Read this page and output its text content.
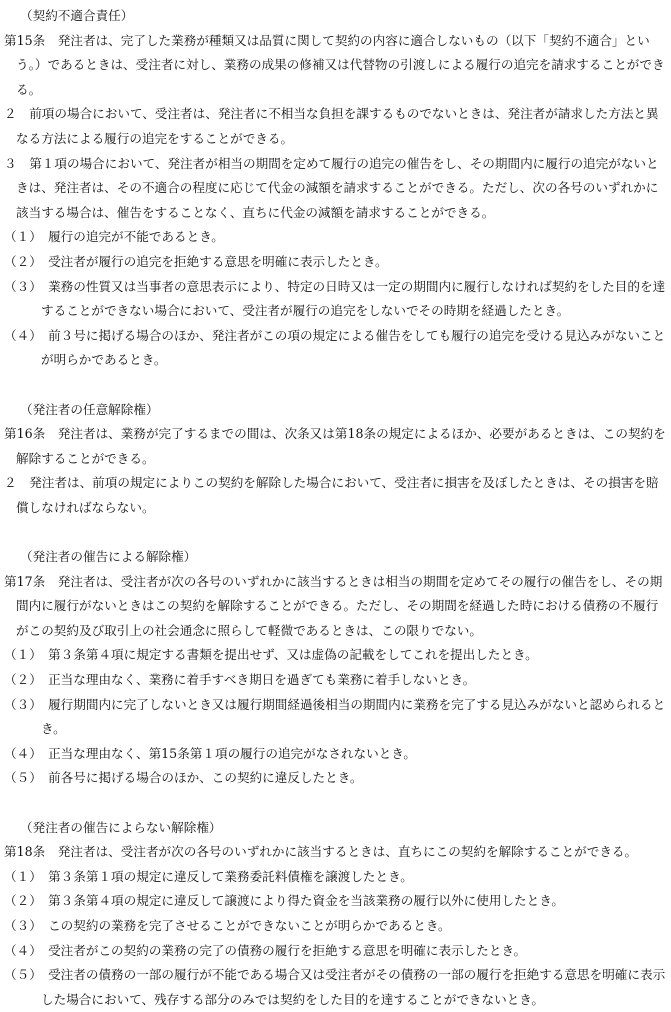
（契約不適合責任）
第15条　発注者は、完了した業務が種類又は品質に関して契約の内容に適合しないもの（以下「契約不適合」という。）であるときは、受注者に対し、業務の成果の修補又は代替物の引渡しによる履行の追完を請求することができる。
２　前項の場合において、受注者は、発注者に不相当な負担を課するものでないときは、発注者が請求した方法と異なる方法による履行の追完をすることができる。
３　第１項の場合において、発注者が相当の期間を定めて履行の追完の催告をし、その期間内に履行の追完がないときは、発注者は、その不適合の程度に応じて代金の減額を請求することができる。ただし、次の各号のいずれかに該当する場合は、催告をすることなく、直ちに代金の減額を請求することができる。
（１）　履行の追完が不能であるとき。
（２）　受注者が履行の追完を拒絶する意思を明確に表示したとき。
（３）　業務の性質又は当事者の意思表示により、特定の日時又は一定の期間内に履行しなければ契約をした目的を達することができない場合において、受注者が履行の追完をしないでその時期を経過したとき。
（４）　前３号に掲げる場合のほか、発注者がこの項の規定による催告をしても履行の追完を受ける見込みがないことが明らかであるとき。
（発注者の任意解除権）
第16条　発注者は、業務が完了するまでの間は、次条又は第18条の規定によるほか、必要があるときは、この契約を解除することができる。
２　発注者は、前項の規定によりこの契約を解除した場合において、受注者に損害を及ぼしたときは、その損害を賠償しなければならない。
（発注者の催告による解除権）
第17条　発注者は、受注者が次の各号のいずれかに該当するときは相当の期間を定めてその履行の催告をし、その期間内に履行がないときはこの契約を解除することができる。ただし、その期間を経過した時における債務の不履行がこの契約及び取引上の社会通念に照らして軽微であるときは、この限りでない。
（１）　第３条第４項に規定する書類を提出せず、又は虚偽の記載をしてこれを提出したとき。
（２）　正当な理由なく、業務に着手すべき期日を過ぎても業務に着手しないとき。
（３）　履行期間内に完了しないとき又は履行期間経過後相当の期間内に業務を完了する見込みがないと認められるとき。
（４）　正当な理由なく、第15条第１項の履行の追完がなされないとき。
（５）　前各号に掲げる場合のほか、この契約に違反したとき。
（発注者の催告によらない解除権）
第18条　発注者は、受注者が次の各号のいずれかに該当するときは、直ちにこの契約を解除することができる。
（１）　第３条第１項の規定に違反して業務委託料債権を譲渡したとき。
（２）　第３条第４項の規定に違反して譲渡により得た資金を当該業務の履行以外に使用したとき。
（３）　この契約の業務を完了させることができないことが明らかであるとき。
（４）　受注者がこの契約の業務の完了の債務の履行を拒絶する意思を明確に表示したとき。
（５）　受注者の債務の一部の履行が不能である場合又は受注者がその債務の一部の履行を拒絶する意思を明確に表示した場合において、残存する部分のみでは契約をした目的を達することができないとき。
